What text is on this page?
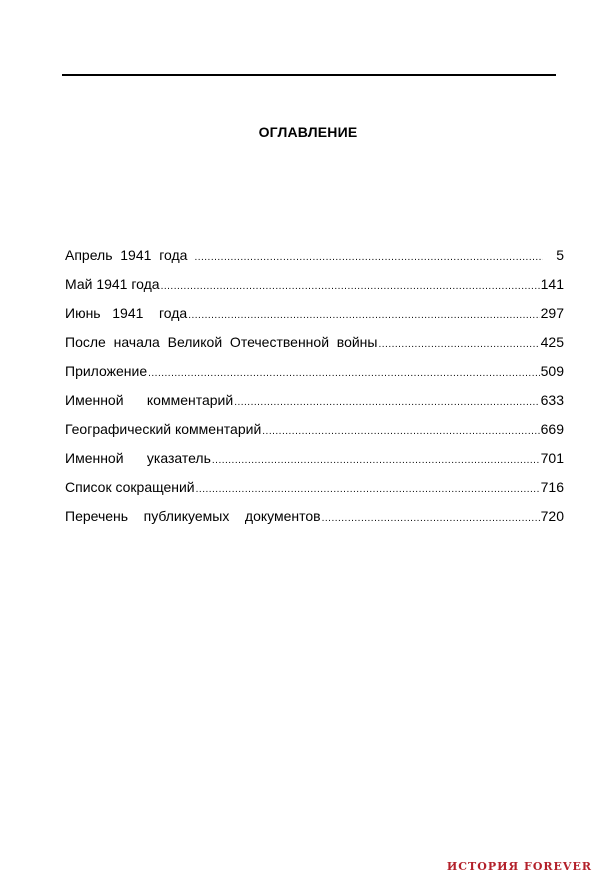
ОГЛАВЛЕНИЕ
Апрель  1941  года .....	5
Май 1941 года .....	141
Июнь   1941    года .....	297
После  начала  Великой  Отечественной  войны .....	425
Приложение .....	509
Именной      комментарий .....	633
Географический комментарий .....	669
Именной      указатель .....	701
Список сокращений .....	716
Перечень    публикуемых    документов .....	720
ИСТОРИЯ FOREVER
